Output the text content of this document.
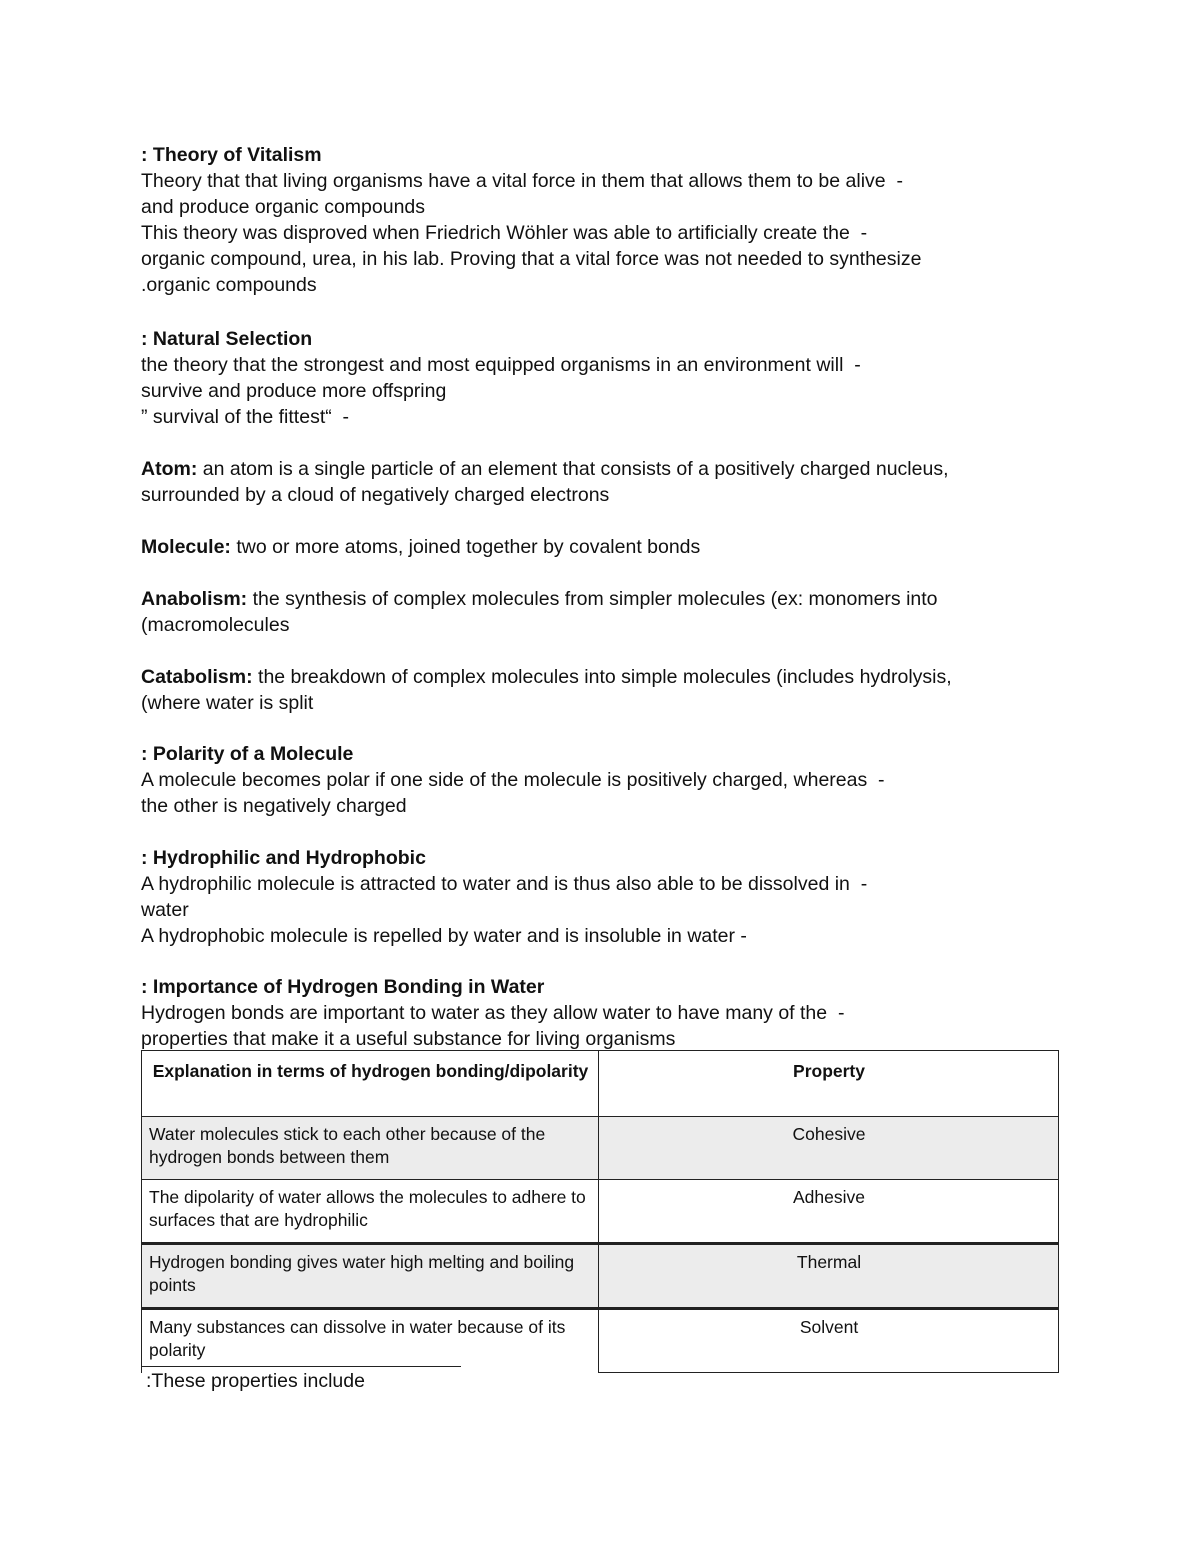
: Theory of Vitalism
Theory that that living organisms have a vital force in them that allows them to be alive  -
and produce organic compounds
This theory was disproved when Friedrich Wöhler was able to artificially create the  -
organic compound, urea, in his lab. Proving that a vital force was not needed to synthesize
.organic compounds
: Natural Selection
the theory that the strongest and most equipped organisms in an environment will  -
survive and produce more offspring
” survival of the fittest“  -
Atom: an atom is a single particle of an element that consists of a positively charged nucleus,
surrounded by a cloud of negatively charged electrons
Molecule: two or more atoms, joined together by covalent bonds
Anabolism: the synthesis of complex molecules from simpler molecules (ex: monomers into
(macromolecules
Catabolism: the breakdown of complex molecules into simple molecules (includes hydrolysis,
(where water is split
: Polarity of a Molecule
A molecule becomes polar if one side of the molecule is positively charged, whereas  -
the other is negatively charged
: Hydrophilic and Hydrophobic
A hydrophilic molecule is attracted to water and is thus also able to be dissolved in  -
water
A hydrophobic molecule is repelled by water and is insoluble in water -
: Importance of Hydrogen Bonding in Water
Hydrogen bonds are important to water as they allow water to have many of the  -
properties that make it a useful substance for living organisms
Explanation in terms of hydrogen bonding/dipolarity	Property
Water molecules stick to each other because of the hydrogen bonds between them	Cohesive
The dipolarity of water allows the molecules to adhere to surfaces that are hydrophilic	Adhesive
Hydrogen bonding gives water high melting and boiling points	Thermal
Many substances can dissolve in water because of its polarity	Solvent
:These properties include
